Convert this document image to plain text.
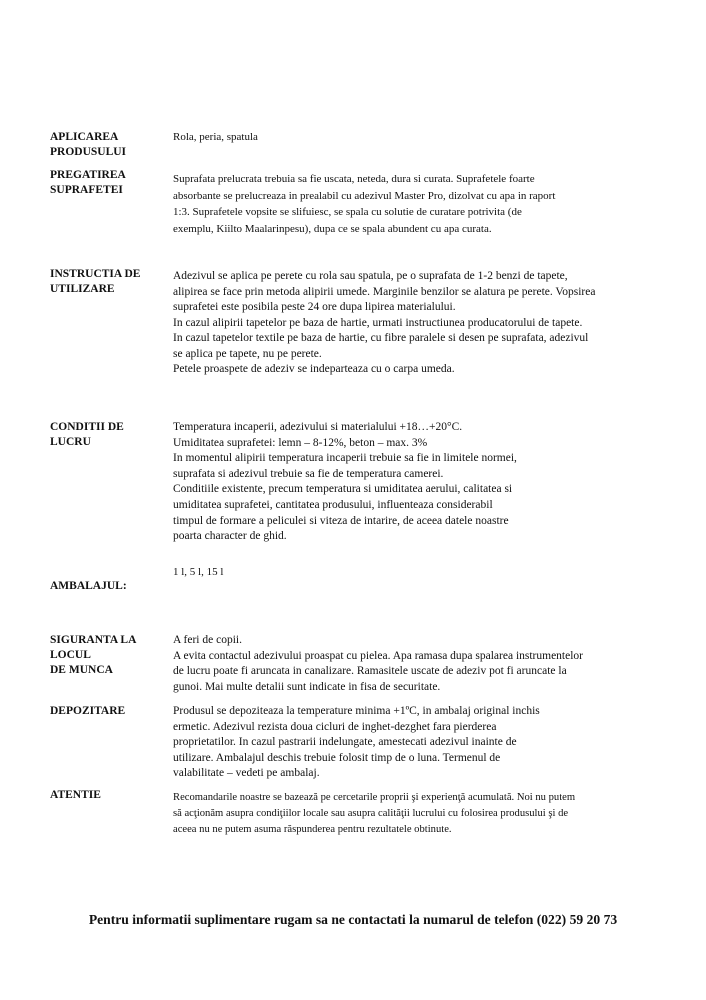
APLICAREA
PRODUSULUI
Rola, peria, spatula
PREGATIREA
SUPRAFETEI
Suprafata prelucrata trebuia sa fie uscata, neteda, dura si curata. Suprafetele foarte
absorbante se prelucreaza in prealabil cu adezivul Master Pro, dizolvat cu apa in raport
1:3. Suprafetele vopsite se slifuiesc, se spala cu solutie de curatare potrivita (de
exemplu, Kiilto Maalarinpesu), dupa ce se spala abundent cu apa curata.
INSTRUCTIA DE
UTILIZARE
Adezivul se aplica pe perete cu rola sau spatula, pe o suprafata de 1-2 benzi de tapete,
alipirea se face prin metoda alipirii umede. Marginile benzilor se alatura pe perete. Vopsirea
suprafetei este posibila peste 24 ore dupa lipirea materialului.
In cazul alipirii tapetelor pe baza de hartie, urmati instructiunea producatorului de tapete.
In cazul tapetelor textile pe baza de hartie, cu fibre paralele si desen pe suprafata, adezivul
se aplica pe tapete, nu pe perete.
Petele proaspete de adeziv se indeparteaza cu o carpa umeda.
CONDITII DE
LUCRU
Temperatura incaperii, adezivului si materialului +18…+20°C.
Umiditatea suprafetei: lemn – 8-12%, beton – max. 3%
In momentul alipirii temperatura incaperii trebuie sa fie in limitele normei,
suprafata si adezivul trebuie sa fie de temperatura camerei.
Conditiile existente, precum temperatura si umiditatea aerului, calitatea si
umiditatea suprafetei, cantitatea produsului, influenteaza considerabil
timpul de formare a peliculei si viteza de intarire, de aceea datele noastre
poarta character de ghid.
AMBALAJUL:
1 l, 5 l, 15 l
SIGURANTA LA LOCUL
DE MUNCA
A feri de copii.
A evita contactul adezivului proaspat cu pielea. Apa ramasa dupa spalarea instrumentelor
de lucru poate fi aruncata in canalizare. Ramasitele uscate de adeziv pot fi aruncate la
gunoi. Mai multe detalii sunt indicate in fisa de securitate.
DEPOZITARE	Produsul se depoziteaza la temperature minima +1ºC, in ambalaj original inchis
ermetic. Adezivul rezista doua cicluri de inghet-dezghet fara pierderea
proprietatilor. In cazul pastrarii indelungate, amestecati adezivul inainte de
utilizare. Ambalajul deschis trebuie folosit timp de o luna. Termenul de
valabilitate – vedeti pe ambalaj.
ATENTIE	Recomandarile noastre se bazează pe cercetarile proprii şi experienţă acumulată. Noi nu putem
să acţionăm asupra condiţiilor locale sau asupra calităţii lucrului cu folosirea produsului şi de
aceea nu ne putem asuma răspunderea pentru rezultatele obtinute.
Pentru informatii suplimentare rugam sa ne contactati la numarul de telefon (022) 59 20 73
